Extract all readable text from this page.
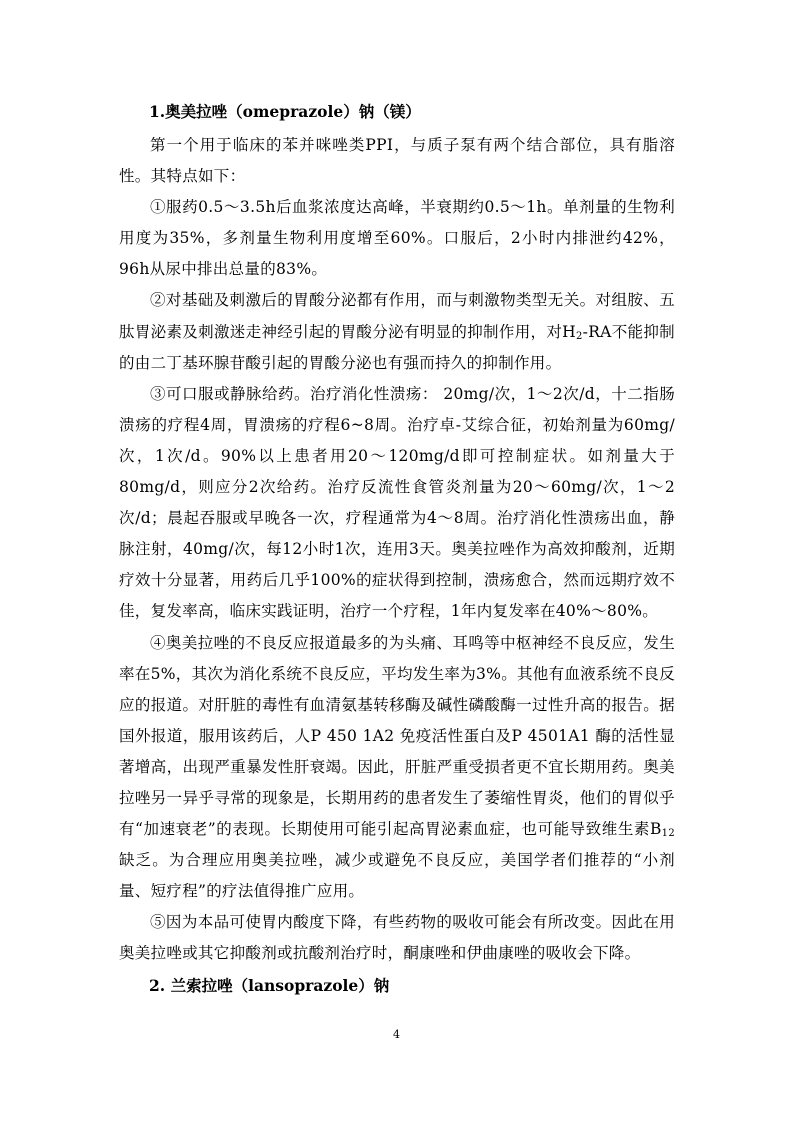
1.奥美拉唑（omeprazole）钠（镁）

第一个用于临床的苯并咪唑类PPI，与质子泵有两个结合部位，具有脂溶性。其特点如下：

①服药0.5～3.5h后血浆浓度达高峰，半衰期约0.5～1h。单剂量的生物利用度为35%，多剂量生物利用度增至60%。口服后，2小时内排泄约42%，96h从尿中排出总量的83%。

②对基础及刺激后的胃酸分泌都有作用，而与刺激物类型无关。对组胺、五肽胃泌素及刺激迷走神经引起的胃酸分泌有明显的抑制作用，对$H_2-RA$不能抑制的由二丁基环腺苷酸引起的胃酸分泌也有强而持久的抑制作用。

③可口服或静脉给药。治疗消化性溃疡： 20mg/次，1～2次/d，十二指肠溃疡的疗程4周，胃溃疡的疗程6~8周。治疗卓-艾综合征，初始剂量为60mg/次，1次/d。90%以上患者用20～120mg/d即可控制症状。如剂量大于80mg/d，则应分2次给药。治疗反流性食管炎剂量为20～60mg/次，1～2次/d；晨起吞服或早晚各一次，疗程通常为4～8周。治疗消化性溃疡出血，静脉注射，40mg/次，每12小时1次，连用3天。奥美拉唑作为高效抑酸剂，近期疗效十分显著，用药后几乎100%的症状得到控制，溃疡愈合，然而远期疗效不佳，复发率高，临床实践证明，治疗一个疗程，1年内复发率在40%～80%。

④奥美拉唑的不良反应报道最多的为头痛、耳鸣等中枢神经不良反应，发生率在5%，其次为消化系统不良反应，平均发生率为3%。其他有血液系统不良反应的报道。对肝脏的毒性有血清氨基转移酶及碱性磷酸酶一过性升高的报告。据国外报道，服用该药后，人P 450 1A2 免疫活性蛋白及P 4501A1 酶的活性显著增高，出现严重暴发性肝衰竭。因此，肝脏严重受损者更不宜长期用药。奥美拉唑另一异乎寻常的现象是，长期用药的患者发生了萎缩性胃炎，他们的胃似乎有“加速衰老”的表现。长期使用可能引起高胃泌素血症，也可能导致维生素$B_{12}$缺乏。为合理应用奥美拉唑，减少或避免不良反应，美国学者们推荐的“小剂量、短疗程”的疗法值得推广应用。

⑤因为本品可使胃内酸度下降，有些药物的吸收可能会有所改变。因此在用奥美拉唑或其它抑酸剂或抗酸剂治疗时，酮康唑和伊曲康唑的吸收会下降。

2. 兰索拉唑（lansoprazole）钠

4
